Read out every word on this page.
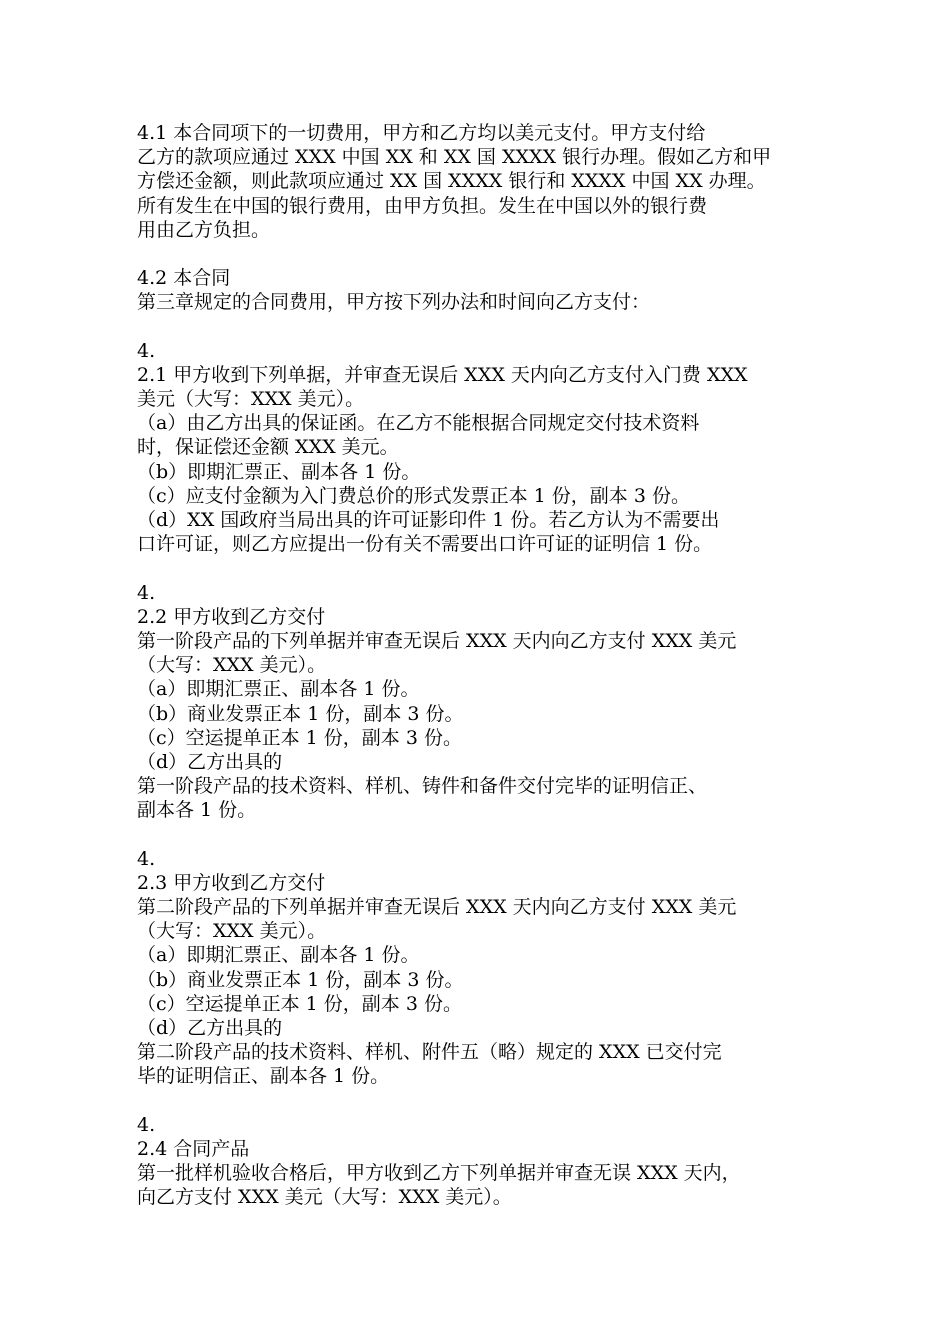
4.1 本合同项下的一切费用，甲方和乙方均以美元支付。甲方支付给
乙方的款项应通过 XXX 中国 XX 和 XX 国 XXXX 银行办理。假如乙方和甲
方偿还金额，则此款项应通过 XX 国 XXXX 银行和 XXXX 中国 XX 办理。
所有发生在中国的银行费用，由甲方负担。发生在中国以外的银行费
用由乙方负担。
4.2 本合同
第三章规定的合同费用，甲方按下列办法和时间向乙方支付：
4.
2.1 甲方收到下列单据，并审查无误后 XXX 天内向乙方支付入门费 XXX
美元（大写：XXX 美元）。
（a）由乙方出具的保证函。在乙方不能根据合同规定交付技术资料
时，保证偿还金额 XXX 美元。
（b）即期汇票正、副本各 1 份。
（c）应支付金额为入门费总价的形式发票正本 1 份，副本 3 份。
（d）XX 国政府当局出具的许可证影印件 1 份。若乙方认为不需要出
口许可证，则乙方应提出一份有关不需要出口许可证的证明信 1 份。
4.
2.2 甲方收到乙方交付
第一阶段产品的下列单据并审查无误后 XXX 天内向乙方支付 XXX 美元
（大写：XXX 美元）。
（a）即期汇票正、副本各 1 份。
（b）商业发票正本 1 份，副本 3 份。
（c）空运提单正本 1 份，副本 3 份。
（d）乙方出具的
第一阶段产品的技术资料、样机、铸件和备件交付完毕的证明信正、
副本各 1 份。
4.
2.3 甲方收到乙方交付
第二阶段产品的下列单据并审查无误后 XXX 天内向乙方支付 XXX 美元
（大写：XXX 美元）。
（a）即期汇票正、副本各 1 份。
（b）商业发票正本 1 份，副本 3 份。
（c）空运提单正本 1 份，副本 3 份。
（d）乙方出具的
第二阶段产品的技术资料、样机、附件五（略）规定的 XXX 已交付完
毕的证明信正、副本各 1 份。
4.
2.4 合同产品
第一批样机验收合格后，甲方收到乙方下列单据并审查无误 XXX 天内，
向乙方支付 XXX 美元（大写：XXX 美元）。
